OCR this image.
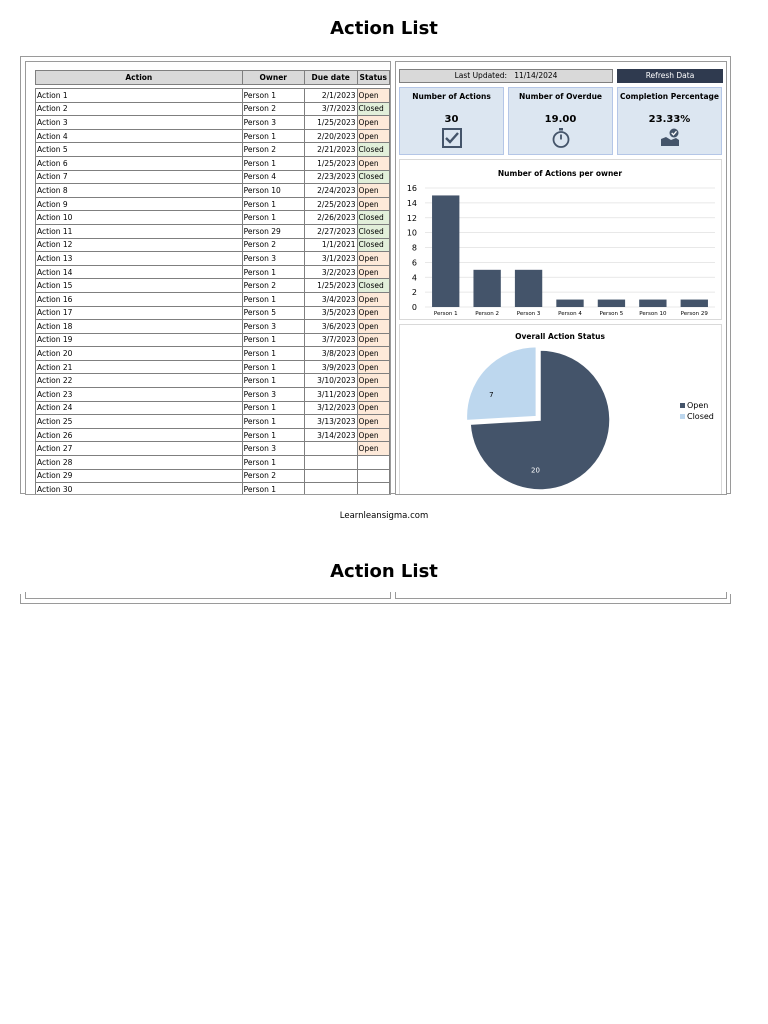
Action List
Action	Owner	Due date	Status

Action 1	Person 1	2/1/2023	Open
Action 2	Person 2	3/7/2023	Closed
Action 3	Person 3	1/25/2023	Open
Action 4	Person 1	2/20/2023	Open
Action 5	Person 2	2/21/2023	Closed
Action 6	Person 1	1/25/2023	Open
Action 7	Person 4	2/23/2023	Closed
Action 8	Person 10	2/24/2023	Open
Action 9	Person 1	2/25/2023	Open
Action 10	Person 1	2/26/2023	Closed
Action 11	Person 29	2/27/2023	Closed
Action 12	Person 2	1/1/2021	Closed
Action 13	Person 3	3/1/2023	Open
Action 14	Person 1	3/2/2023	Open
Action 15	Person 2	1/25/2023	Closed
Action 16	Person 1	3/4/2023	Open
Action 17	Person 5	3/5/2023	Open
Action 18	Person 3	3/6/2023	Open
Action 19	Person 1	3/7/2023	Open
Action 20	Person 1	3/8/2023	Open
Action 21	Person 1	3/9/2023	Open
Action 22	Person 1	3/10/2023	Open
Action 23	Person 3	3/11/2023	Open
Action 24	Person 1	3/12/2023	Open
Action 25	Person 1	3/13/2023	Open
Action 26	Person 1	3/14/2023	Open
Action 27	Person 3		Open
Action 28	Person 1		
Action 29	Person 2		
Action 30	Person 1		
Last Updated: 11/14/2024	Refresh Data
Number of Actions
30
Number of Overdue
19.00
Completion Percentage
23.33%
Number of Actions per owner
0
2
4
6
8
10
12
14
16
Person 1	Person 2	Person 3	Person 4	Person 5	Person 10	Person 29
Overall Action Status
20
7
Open
Closed
Learnleansigma.com
Action List
